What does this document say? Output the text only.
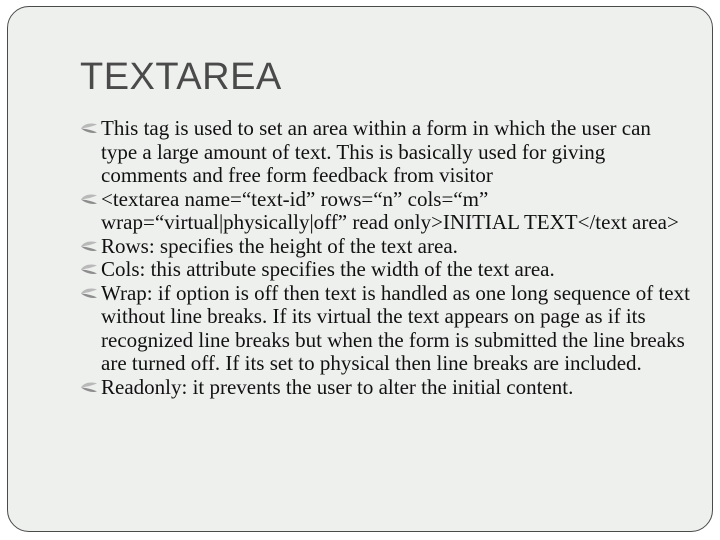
TEXTAREA
This tag is used to set an area within a form in which the user can type a large amount of text. This is basically used for giving comments and free form feedback from visitor
<textarea name=“text-id” rows=“n” cols=“m” wrap=“virtual|physically|off” read only>INITIAL TEXT</text area>
Rows: specifies the height of the text area.
Cols: this attribute specifies the width of the text area.
Wrap: if option is off then text is handled as one long sequence of text without line breaks. If its virtual the text appears on page as if its recognized line breaks but when the form is submitted the line breaks are turned off. If its set to physical then line breaks are included.
Readonly: it prevents the user to alter the initial content.
